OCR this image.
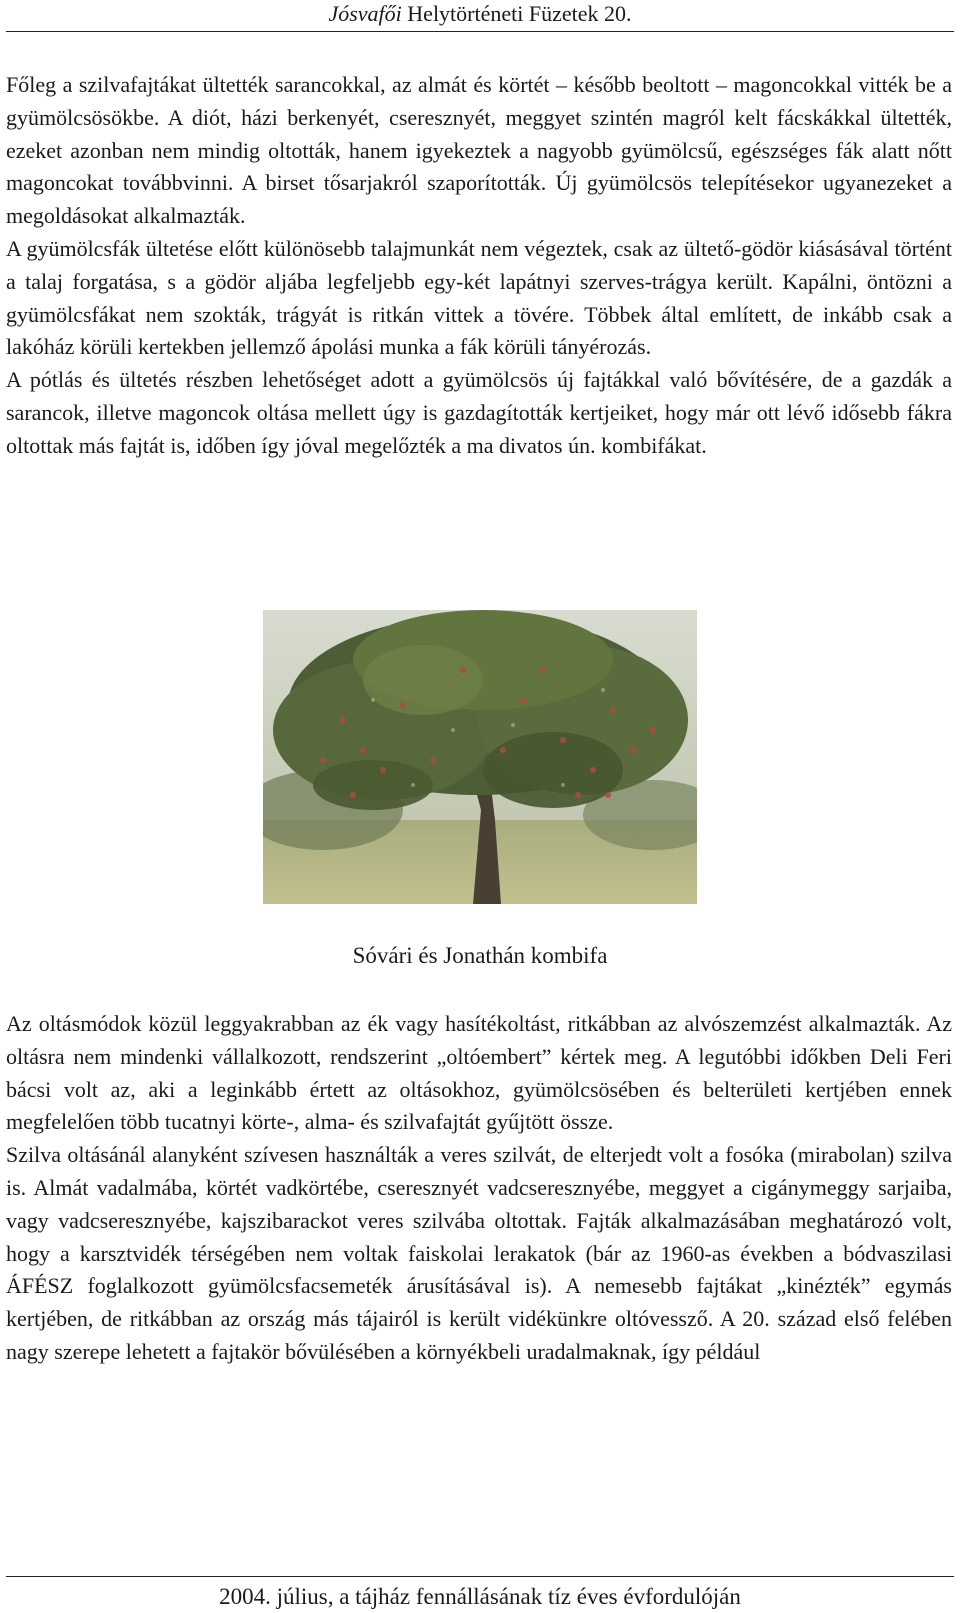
Jósvafői Helytörténeti Füzetek 20.

Főleg a szilvafajtákat ültették sarancokkal, az almát és körtét – később beoltott – magoncokkal vitték be a gyümölcsösökbe. A diót, házi berkenyét, cseresznyét, meggyet szintén magról kelt fácskákkal ültették, ezeket azonban nem mindig oltották, hanem igyekeztek a nagyobb gyümölcsű, egészséges fák alatt nőtt magoncokat továbbvinni. A birset tősarjakról szaporították. Új gyümölcsös telepítésekor ugyanezeket a megoldásokat alkalmazták.

A gyümölcsfák ültetése előtt különösebb talajmunkát nem végeztek, csak az ültető-gödör kiásásával történt a talaj forgatása, s a gödör aljába legfeljebb egy-két lapátnyi szerves-trágya került. Kapálni, öntözni a gyümölcsfákat nem szokták, trágyát is ritkán vittek a tövére. Többek által említett, de inkább csak a lakóház körüli kertekben jellemző ápolási munka a fák körüli tányérozás.

A pótlás és ültetés részben lehetőséget adott a gyümölcsös új fajtákkal való bővítésére, de a gazdák a sarancok, illetve magoncok oltása mellett úgy is gazdagították kertjeiket, hogy már ott lévő idősebb fákra oltottak más fajtát is, időben így jóval megelőzték a ma divatos ún. kombifákat.

Sóvári és Jonathán kombifa

Az oltásmódok közül leggyakrabban az ék vagy hasítékoltást, ritkábban az alvószemzést alkalmazták. Az oltásra nem mindenki vállalkozott, rendszerint „oltóembert” kértek meg. A legutóbbi időkben Deli Feri bácsi volt az, aki a leginkább értett az oltásokhoz, gyümölcsösében és belterületi kertjében ennek megfelelően több tucatnyi körte-, alma- és szilvafajtát gyűjtött össze.

Szilva oltásánál alanyként szívesen használták a veres szilvát, de elterjedt volt a fosóka (mirabolan) szilva is. Almát vadalmába, körtét vadkörtébe, cseresznyét vadcseresznyébe, meggyet a cigánymeggy sarjaiba, vagy vadcseresznyébe, kajszibarackot veres szilvába oltottak. Fajták alkalmazásában meghatározó volt, hogy a karsztvidék térségében nem voltak faiskolai lerakatok (bár az 1960-as években a bódvaszilasi ÁFÉSZ foglalkozott gyümölcsfacsemeték árusításával is). A nemesebb fajtákat „kinézték” egymás kertjében, de ritkábban az ország más tájairól is került vidékünkre oltóvessző. A 20. század első felében nagy szerepe lehetett a fajtakör bővülésében a környékbeli uradalmaknak, így például

2004. július, a tájház fennállásának tíz éves évfordulóján
